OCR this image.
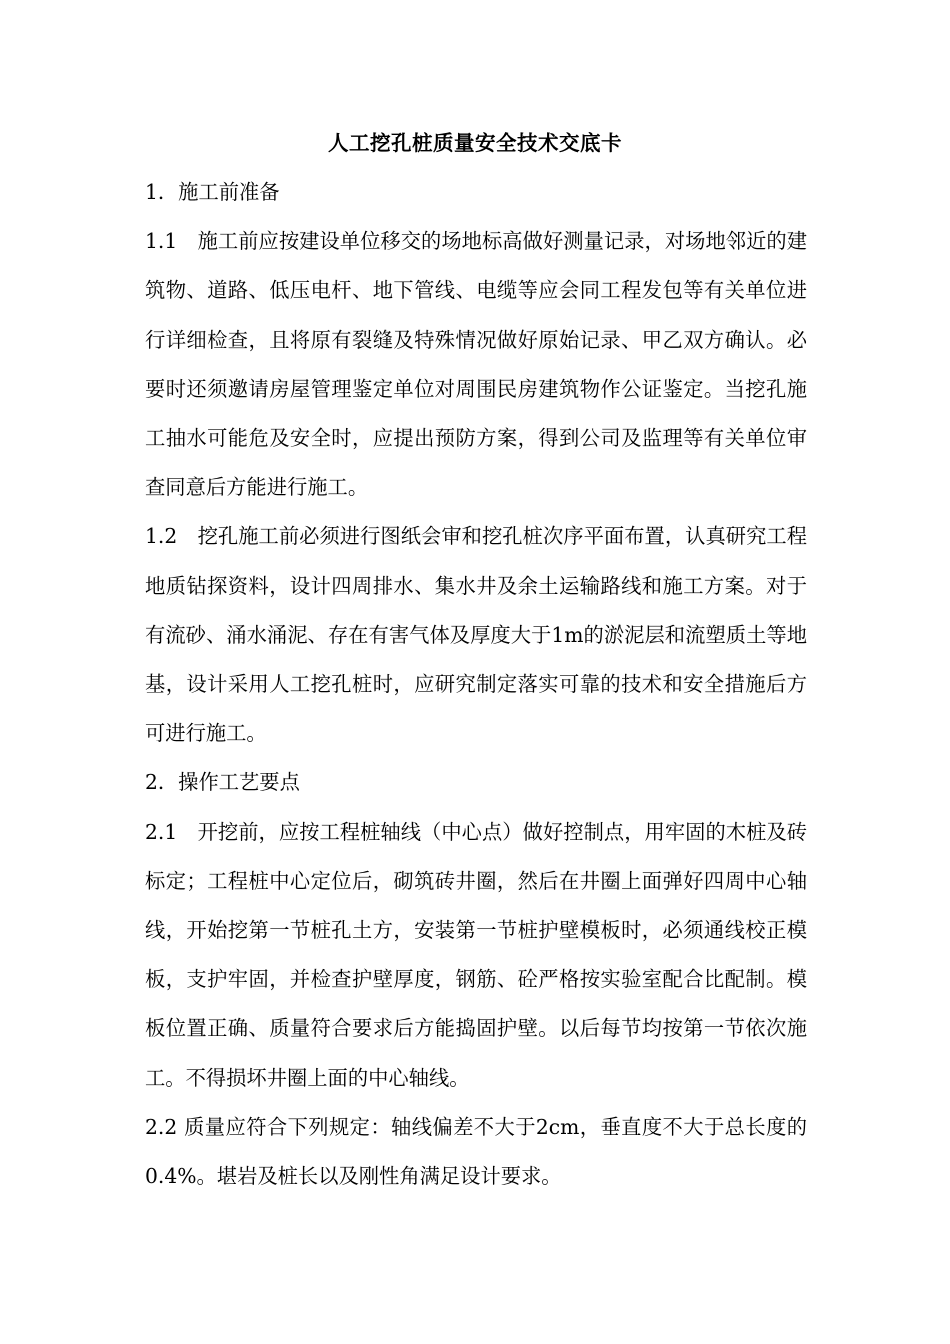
人工挖孔桩质量安全技术交底卡

1．施工前准备

1.1　施工前应按建设单位移交的场地标高做好测量记录，对场地邻近的建筑物、道路、低压电杆、地下管线、电缆等应会同工程发包等有关单位进行详细检查，且将原有裂缝及特殊情况做好原始记录、甲乙双方确认。必要时还须邀请房屋管理鉴定单位对周围民房建筑物作公证鉴定。当挖孔施工抽水可能危及安全时，应提出预防方案，得到公司及监理等有关单位审查同意后方能进行施工。

1.2　挖孔施工前必须进行图纸会审和挖孔桩次序平面布置，认真研究工程地质钻探资料，设计四周排水、集水井及余土运输路线和施工方案。对于有流砂、涌水涌泥、存在有害气体及厚度大于1m的淤泥层和流塑质土等地基，设计采用人工挖孔桩时，应研究制定落实可靠的技术和安全措施后方可进行施工。

2．操作工艺要点

2.1　开挖前，应按工程桩轴线（中心点）做好控制点，用牢固的木桩及砖标定；工程桩中心定位后，砌筑砖井圈，然后在井圈上面弹好四周中心轴线，开始挖第一节桩孔土方，安装第一节桩护壁模板时，必须通线校正模板，支护牢固，并检查护壁厚度，钢筋、砼严格按实验室配合比配制。模板位置正确、质量符合要求后方能捣固护壁。以后每节均按第一节依次施工。不得损坏井圈上面的中心轴线。

2.2 质量应符合下列规定：轴线偏差不大于2cm，垂直度不大于总长度的0.4%。堪岩及桩长以及刚性角满足设计要求。
